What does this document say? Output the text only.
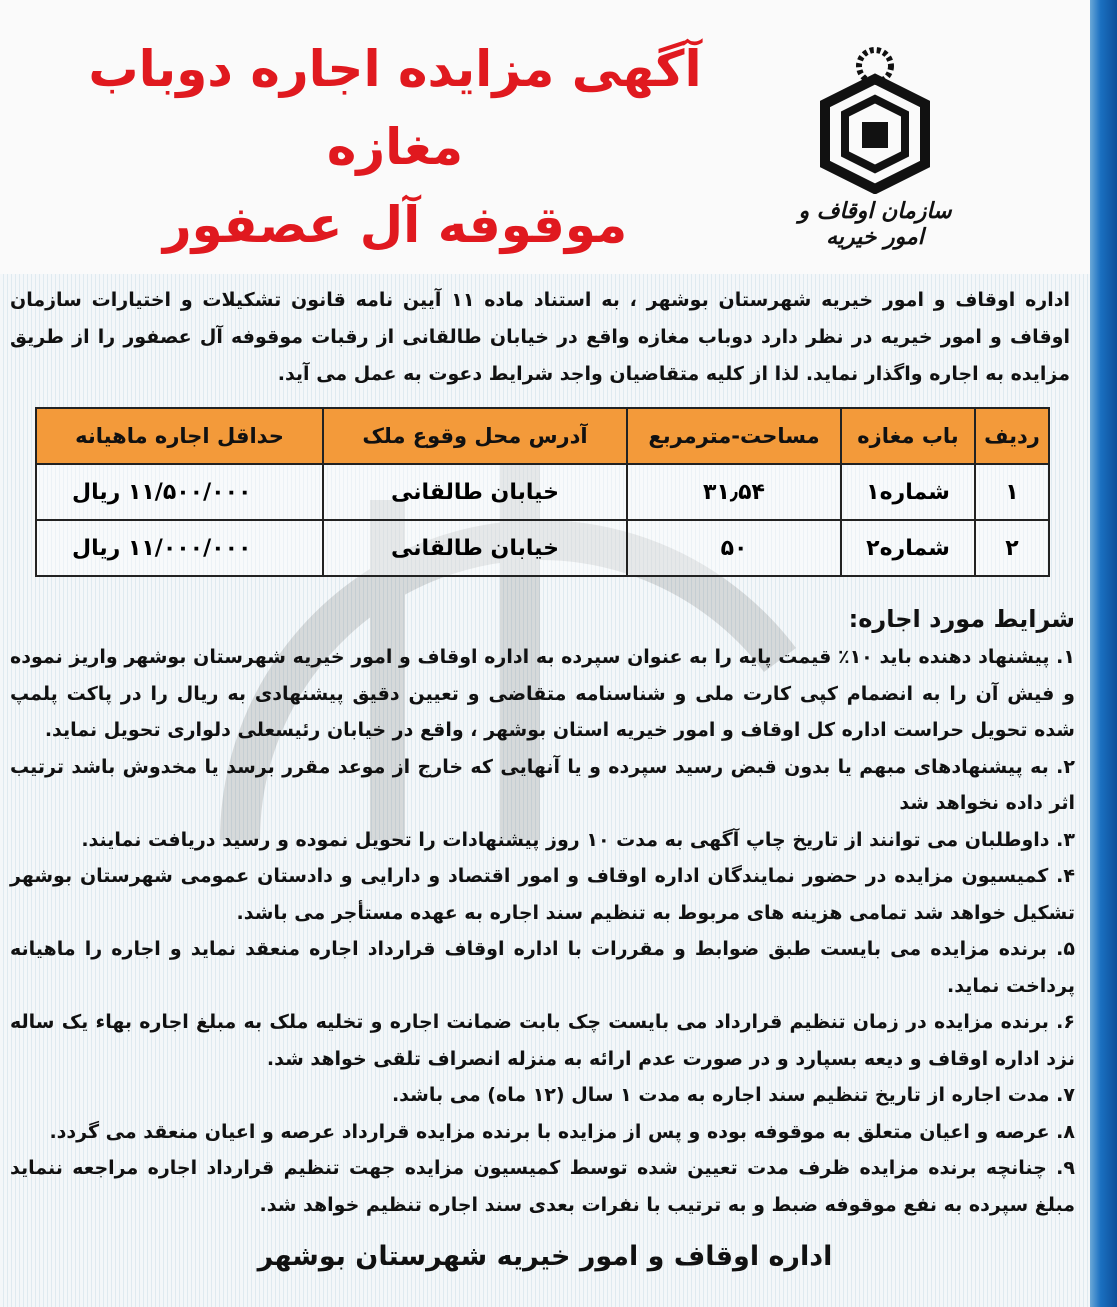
آگهی مزایده اجاره دوباب مغازه
موقوفه آل عصفور	سازمان اوقاف و امور خیریه
اداره اوقاف و امور خیریه شهرستان بوشهر ، به استناد ماده ۱۱ آیین نامه قانون تشکیلات و اختیارات سازمان اوقاف و امور خیریه در نظر دارد دوباب مغازه واقع در خیابان طالقانی از رقبات موقوفه آل عصفور را از طریق مزایده به اجاره واگذار نماید. لذا از کلیه متقاضیان واجد شرایط دعوت به عمل می آید.
ردیف	باب مغازه	مساحت-مترمربع	آدرس محل وقوع ملک	حداقل اجاره ماهیانه
۱	شماره۱	۳۱٫۵۴	خیابان طالقانی	۱۱/۵۰۰/۰۰۰ ریال
۲	شماره۲	۵۰	خیابان طالقانی	۱۱/۰۰۰/۰۰۰ ریال
شرایط مورد اجاره:

۱. پیشنهاد دهنده باید ۱۰٪ قیمت پایه را به عنوان سپرده به اداره اوقاف و امور خیریه شهرستان بوشهر واریز نموده و فیش آن را به انضمام کپی کارت ملی و شناسنامه متقاضی و تعیین دقیق پیشنهادی به ریال را در پاکت پلمپ شده تحویل حراست اداره کل اوقاف و امور خیریه استان بوشهر ، واقع در خیابان رئیسعلی دلواری تحویل نماید.

۲. به پیشنهادهای مبهم یا بدون قبض رسید سپرده و یا آنهایی که خارج از موعد مقرر برسد یا مخدوش باشد ترتیب اثر داده نخواهد شد

۳. داوطلبان می توانند از تاریخ چاپ آگهی به مدت ۱۰ روز پیشنهادات را تحویل نموده و رسید دریافت نمایند.

۴. کمیسیون مزایده در حضور نمایندگان اداره اوقاف و امور اقتصاد و دارایی و دادستان عمومی شهرستان بوشهر تشکیل خواهد شد تمامی هزینه های مربوط به تنظیم سند اجاره به عهده مستأجر می باشد.

۵. برنده مزایده می بایست طبق ضوابط و مقررات با اداره اوقاف قرارداد اجاره منعقد نماید و اجاره را ماهیانه پرداخت نماید.

۶. برنده مزایده در زمان تنظیم قرارداد می بایست چک بابت ضمانت اجاره و تخلیه ملک به مبلغ اجاره بهاء یک ساله نزد اداره اوقاف و دیعه بسپارد و در صورت عدم ارائه به منزله انصراف تلقی خواهد شد.

۷. مدت اجاره از تاریخ تنظیم سند اجاره به مدت ۱ سال (۱۲ ماه) می باشد.

۸. عرصه و اعیان متعلق به موقوفه بوده و پس از مزایده با برنده مزایده قرارداد عرصه و اعیان منعقد می گردد.

۹. چنانچه برنده مزایده ظرف مدت تعیین شده توسط کمیسیون مزایده جهت تنظیم قرارداد اجاره مراجعه ننماید مبلغ سپرده به نفع موقوفه ضبط و به ترتیب با نفرات بعدی سند اجاره تنظیم خواهد شد.

اداره اوقاف و امور خیریه شهرستان بوشهر
